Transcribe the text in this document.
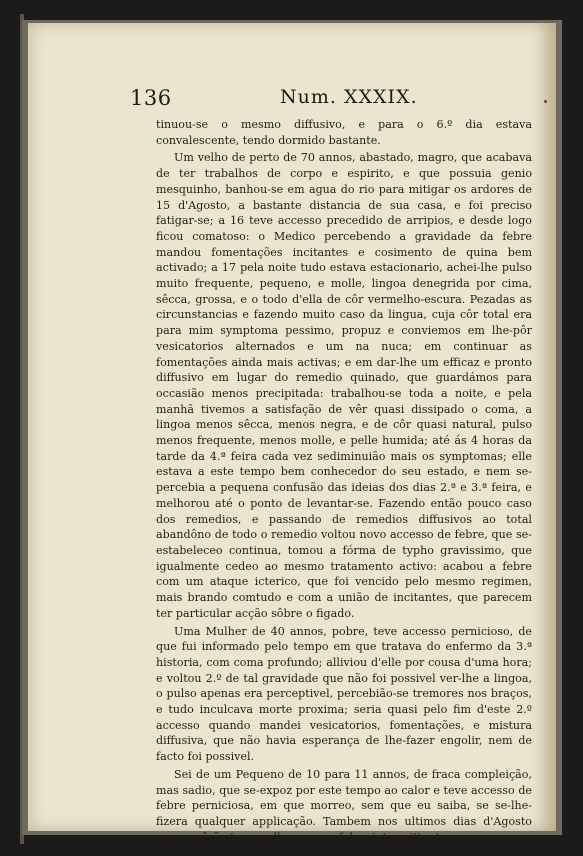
136	Num. XXXIX.

tinuou-se o mesmo diffusivo, e para o 6.º dia estava convalescente, tendo dormido bastante.

Um velho de perto de 70 annos, abastado, magro, que acabava de ter trabalhos de corpo e espirito, e que possuia genio mesquinho, banhou-se em agua do rio para mitigar os ardores de 15 d'Agosto, a bastante distancia de sua casa, e foi preciso fatigar-se; a 16 teve accesso precedido de arripios, e desde logo ficou comatoso: o Medico percebendo a gravidade da febre mandou fomentações incitantes e cosimento de quina bem activado; a 17 pela noite tudo estava estacionario, achei-lhe pulso muito frequente, pequeno, e molle, lingoa denegrida por cima, sêcca, grossa, e o todo d'ella de côr vermelho-escura. Pezadas as circunstancias e fazendo muito caso da lingua, cuja côr total era para mim symptoma pessimo, propuz e conviemos em lhe-pôr vesicatorios alternados e um na nuca; em continuar as fomentações ainda mais activas; e em dar-lhe um efficaz e pronto diffusivo em lugar do remedio quinado, que guardámos para occasião menos precipitada: trabalhou-se toda a noite, e pela manhã tivemos a satisfação de vêr quasi dissipado o coma, a lingoa menos sêcca, menos negra, e de côr quasi natural, pulso menos frequente, menos molle, e pelle humida; até ás 4 horas da tarde da 4.ª feira cada vez sediminuião mais os symptomas; elle estava a este tempo bem conhecedor do seu estado, e nem se-percebia a pequena confusão das ideias dos dias 2.ª e 3.ª feira, e melhorou até o ponto de levantar-se. Fazendo então pouco caso dos remedios, e passando de remedios diffusivos ao total abandôno de todo o remedio voltou novo accesso de febre, que se-estabeleceo continua, tomou a fórma de typho gravissimo, que igualmente cedeo ao mesmo tratamento activo: acabou a febre com um ataque icterico, que foi vencido pelo mesmo regimen, mais brando comtudo e com a união de incitantes, que parecem ter particular acção sôbre o figado.

Uma Mulher de 40 annos, pobre, teve accesso pernicioso, de que fui informado pelo tempo em que tratava do enfermo da 3.ª historia, com coma profundo; alliviou d'elle por cousa d'uma hora; e voltou 2.º de tal gravidade que não foi possivel ver-lhe a lingoa, o pulso apenas era perceptivel, percebião-se tremores nos braços, e tudo inculcava morte proxima; seria quasi pelo fim d'este 2.º accesso quando mandei vesicatorios, fomentações, e mistura diffusiva, que não havia esperança de lhe-fazer engolir, nem de facto foi possivel.

Sei de um Pequeno de 10 para 11 annos, de fraca compleição, mas sadio, que se-expoz por este tempo ao calor e teve accesso de febre perniciosa, em que morreo, sem que eu saiba, se se-lhe-fizera qualquer applicação. Tambem nos ultimos dias d'Agosto apparecêrão tres mulheres com febre intermittente que
